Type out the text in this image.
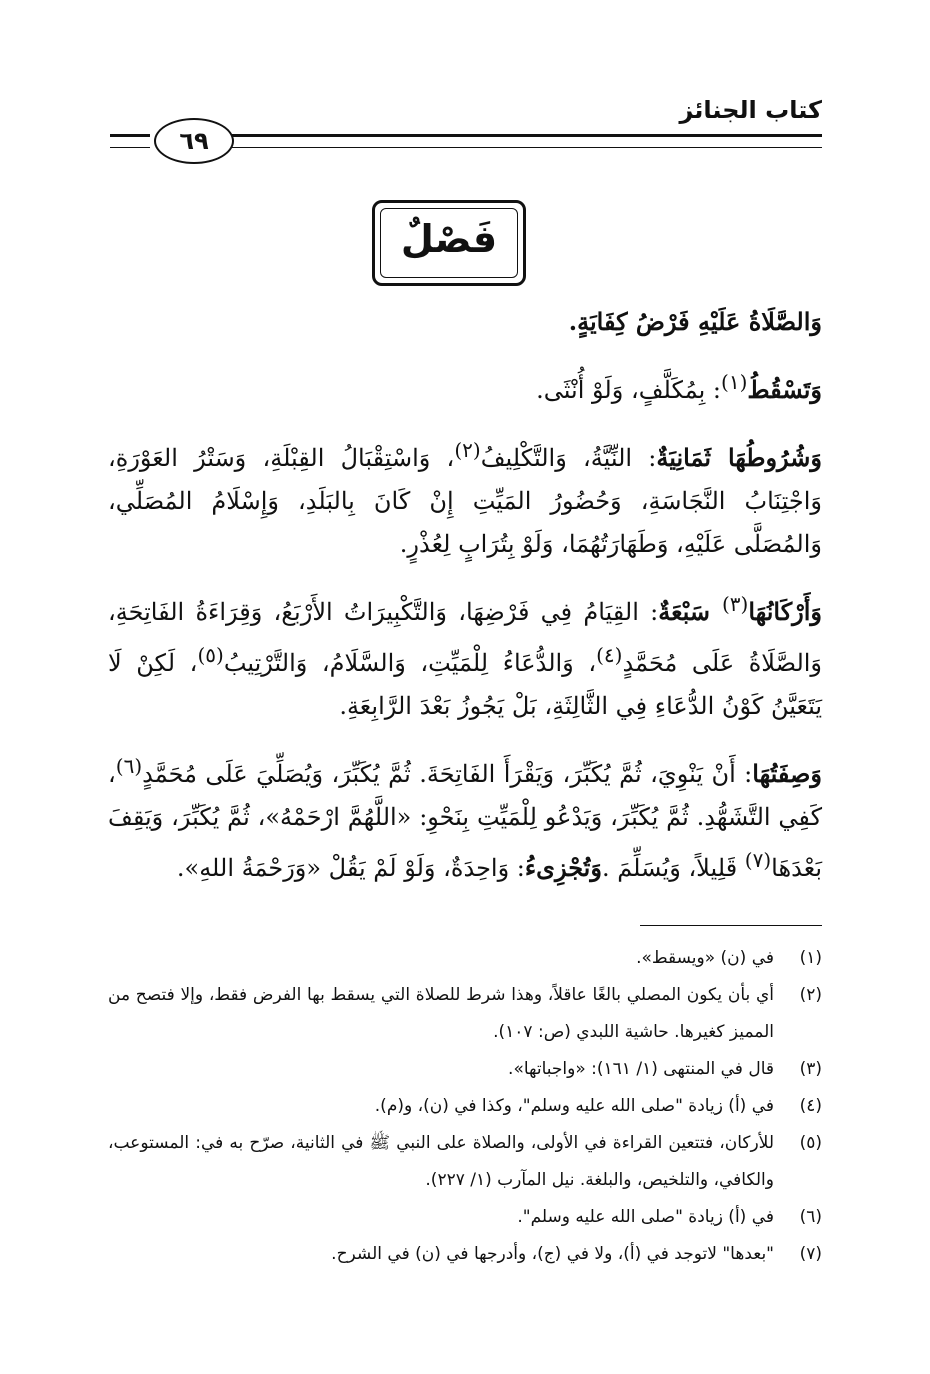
كتاب الجنائز
٦٩
فَصْلٌ

وَالصَّلَاةُ عَلَيْهِ فَرْضُ كِفَايَةٍ.

وَتَسْقُطُ$^{(١)}$: بِمُكَلَّفٍ، وَلَوْ أُنْثَى.

وَشُرُوطُهَا ثَمَانِيَةٌ: النِّيَّةُ، وَالتَّكْلِيفُ$^{(٢)}$، وَاسْتِقْبَالُ القِبْلَةِ، وَسَتْرُ العَوْرَةِ، وَاجْتِنَابُ النَّجَاسَةِ، وَحُضُورُ المَيِّتِ إِنْ كَانَ بِالبَلَدِ، وَإِسْلَامُ المُصَلِّي، وَالمُصَلَّى عَلَيْهِ، وَطَهَارَتُهُمَا، وَلَوْ بِتُرَابٍ لِعُذْرٍ.

وَأَرْكَانُهَا$^{(٣)}$ سَبْعَةٌ: القِيَامُ فِي فَرْضِهَا، وَالتَّكْبِيرَاتُ الأَرْبَعُ، وَقِرَاءَةُ الفَاتِحَةِ، وَالصَّلَاةُ عَلَى مُحَمَّدٍ$^{(٤)}$، وَالدُّعَاءُ لِلْمَيِّتِ، وَالسَّلَامُ، وَالتَّرْتِيبُ$^{(٥)}$، لَكِنْ لَا يَتَعَيَّنُ كَوْنُ الدُّعَاءِ فِي الثَّالِثَةِ، بَلْ يَجُوزُ بَعْدَ الرَّابِعَةِ.

وَصِفَتُهَا: أَنْ يَنْوِيَ، ثُمَّ يُكَبِّرَ، وَيَقْرَأَ الفَاتِحَةَ. ثُمَّ يُكَبِّرَ، وَيُصَلِّيَ عَلَى مُحَمَّدٍ$^{(٦)}$، كَفِي التَّشَهُّدِ. ثُمَّ يُكَبِّرَ، وَيَدْعُو لِلْمَيِّتِ بِنَحْوِ: «اللَّهُمَّ ارْحَمْهُ»، ثُمَّ يُكَبِّرَ، وَيَقِفَ بَعْدَهَا$^{(٧)}$ قَلِيلاً، وَيُسَلِّمَ .وَتُجْزِىءُ: وَاحِدَةٌ، وَلَوْ لَمْ يَقُلْ «وَرَحْمَةُ اللهِ».

(١)
في (ن) «ويسقط».
(٢)
أي بأن يكون المصلي بالغًا عاقلاً، وهذا شرط للصلاة التي يسقط بها الفرض فقط، وإلا فتصح من المميز كغيرها. حاشية اللبدي (ص: ١٠٧).
(٣)
قال في المنتهى (١/ ١٦١): «واجباتها».
(٤)
في (أ) زيادة "صلى الله عليه وسلم"، وكذا في (ن)، و(م).
(٥)
للأركان، فتتعين القراءة في الأولى، والصلاة على النبي ﷺ في الثانية، صرّح به في: المستوعب، والكافي، والتلخيص، والبلغة. نيل المآرب (١/ ٢٢٧).
(٦)
في (أ) زيادة "صلى الله عليه وسلم".
(٧)
"بعدها" لاتوجد في (أ)، ولا في (ج)، وأدرجها في (ن) في الشرح.
